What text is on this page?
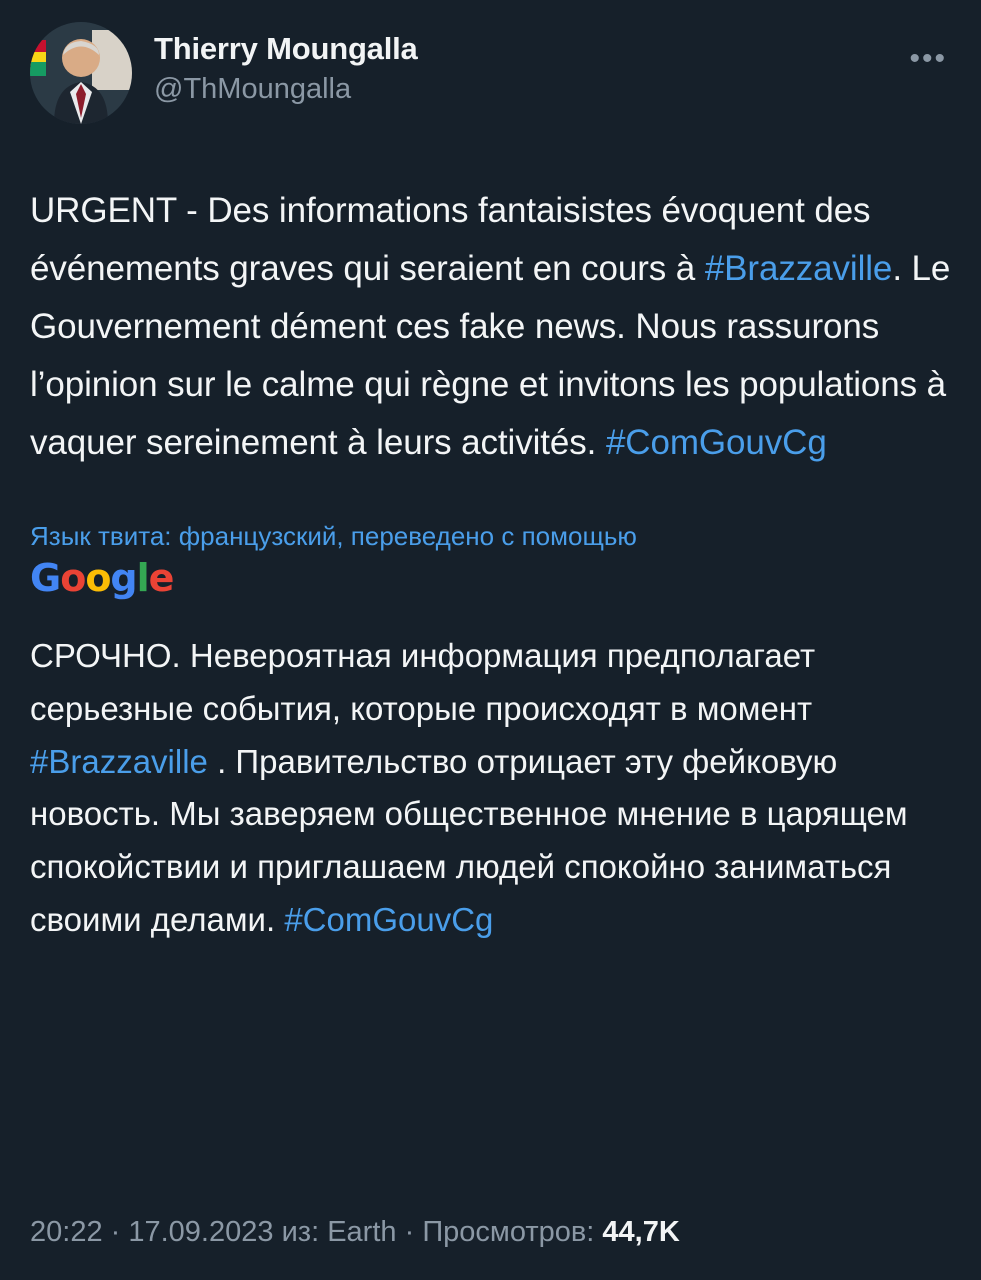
Thierry Moungalla
@ThMoungalla
•••
URGENT - Des informations fantaisistes évoquent des événements graves qui seraient en cours à #Brazzaville. Le Gouvernement dément ces fake news. Nous rassurons l’opinion sur le calme qui règne et invitons les populations à vaquer sereinement à leurs activités. #ComGouvCg
Язык твита: французский, переведено с помощью
Google
СРОЧНО. Невероятная информация предполагает серьезные события, которые происходят в момент #Brazzaville . Правительство отрицает эту фейковую новость. Мы заверяем общественное мнение в царящем спокойствии и приглашаем людей спокойно заниматься своими делами. #ComGouvCg
20:22 · 17.09.2023 из: Earth · Просмотров: 44,7K
